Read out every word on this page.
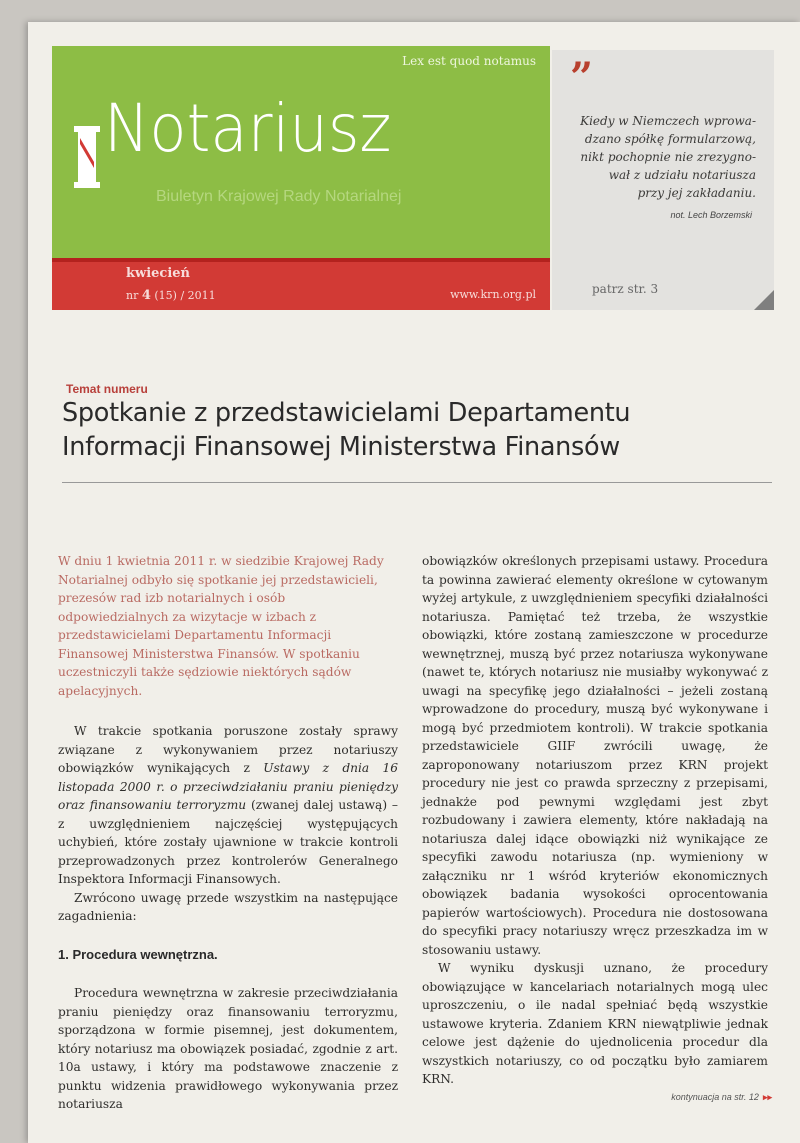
Lex est quod notamus
Notariusz
Biuletyn Krajowej Rady Notarialnej
kwiecień
nr 4 (15) / 2011	www.krn.org.pl
”
Kiedy w Niemczech wprowa-
dzano spółkę formularzową,
nikt pochopnie nie zrezygno-
wał z udziału notariusza
przy jej zakładaniu.
not. Lech Borzemski
patrz str. 3
Temat numeru
Spotkanie z przedstawicielami Departamentu
Informacji Finansowej Ministerstwa Finansów
W dniu 1 kwietnia 2011 r. w siedzibie Krajowej Rady Notarialnej odbyło się spotkanie jej przedstawicieli, prezesów rad izb notarialnych i osób odpowiedzialnych za wizytacje w izbach z przedstawicielami Departamentu Informacji Finansowej Ministerstwa Finansów. W spotkaniu uczestniczyli także sędziowie niektórych sądów apelacyjnych.

W trakcie spotkania poruszone zostały sprawy związane z wykonywaniem przez notariuszy obowiązków wynikających z Ustawy z dnia 16 listopada 2000 r. o przeciwdziałaniu praniu pieniędzy oraz finansowaniu terroryzmu (zwanej dalej ustawą) – z uwzględnieniem najczęściej występujących uchybień, które zostały ujawnione w trakcie kontroli przeprowadzonych przez kontrolerów Generalnego Inspektora Informacji Finansowych.

Zwrócono uwagę przede wszystkim na następujące zagadnienia:

1. Procedura wewnętrzna.

Procedura wewnętrzna w zakresie przeciwdziałania praniu pieniędzy oraz finansowaniu terroryzmu, sporządzona w formie pisemnej, jest dokumentem, który notariusz ma obowiązek posiadać, zgodnie z art. 10a ustawy, i który ma podstawowe znaczenie z punktu widzenia prawidłowego wykonywania przez notariusza

obowiązków określonych przepisami ustawy. Procedura ta powinna zawierać elementy określone w cytowanym wyżej artykule, z uwzględnieniem specyfiki działalności notariusza. Pamiętać też trzeba, że wszystkie obowiązki, które zostaną zamieszczone w procedurze wewnętrznej, muszą być przez notariusza wykonywane (nawet te, których notariusz nie musiałby wykonywać z uwagi na specyfikę jego działalności – jeżeli zostaną wprowadzone do procedury, muszą być wykonywane i mogą być przedmiotem kontroli). W trakcie spotkania przedstawiciele GIIF zwrócili uwagę, że zaproponowany notariuszom przez KRN projekt procedury nie jest co prawda sprzeczny z przepisami, jednakże pod pewnymi względami jest zbyt rozbudowany i zawiera elementy, które nakładają na notariusza dalej idące obowiązki niż wynikające ze specyfiki zawodu notariusza (np. wymieniony w załączniku nr 1 wśród kryteriów ekonomicznych obowiązek badania wysokości oprocentowania papierów wartościowych). Procedura nie dostosowana do specyfiki pracy notariuszy wręcz przeszkadza im w stosowaniu ustawy.

W wyniku dyskusji uznano, że procedury obowiązujące w kancelariach notarialnych mogą ulec uproszczeniu, o ile nadal spełniać będą wszystkie ustawowe kryteria. Zdaniem KRN niewątpliwie jednak celowe jest dążenie do ujednolicenia procedur dla wszystkich notariuszy, co od początku było zamiarem KRN.

kontynuacja na str. 12 ▸▸
